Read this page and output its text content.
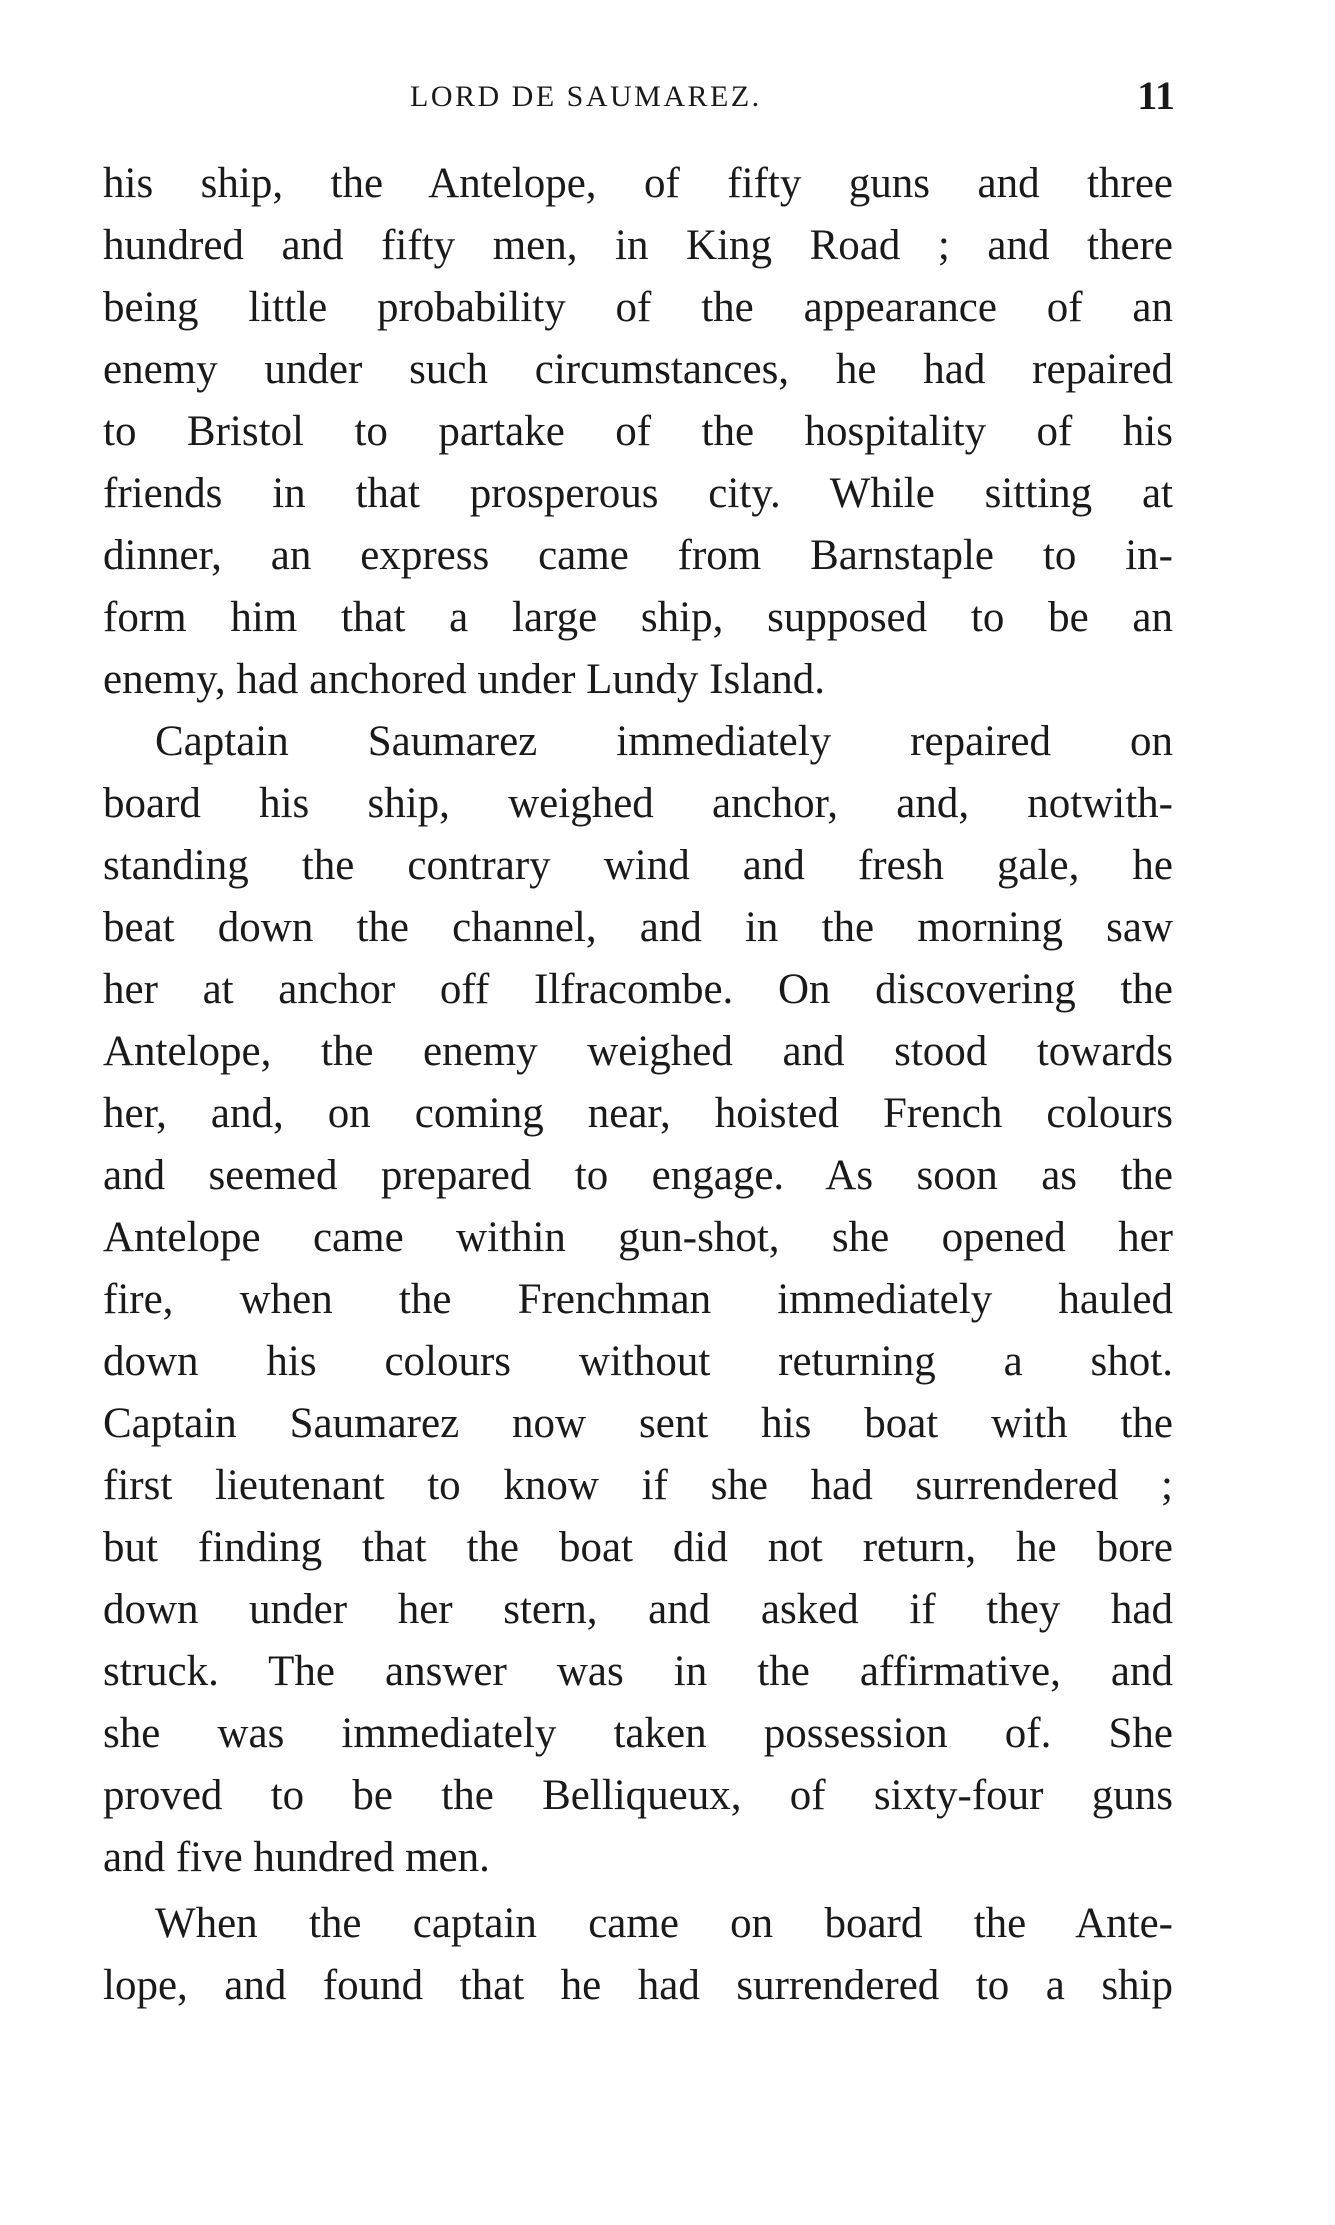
LORD DE SAUMAREZ.	11
his ship, the Antelope, of fifty guns and three
hundred and fifty men, in King Road ; and there
being little probability of the appearance of an
enemy under such circumstances, he had repaired
to Bristol to partake of the hospitality of his
friends in that prosperous city. While sitting at
dinner, an express came from Barnstaple to in-
form him that a large ship, supposed to be an
enemy, had anchored under Lundy Island.
Captain Saumarez immediately repaired on
board his ship, weighed anchor, and, notwith-
standing the contrary wind and fresh gale, he
beat down the channel, and in the morning saw
her at anchor off Ilfracombe. On discovering the
Antelope, the enemy weighed and stood towards
her, and, on coming near, hoisted French colours
and seemed prepared to engage. As soon as the
Antelope came within gun-shot, she opened her
fire, when the Frenchman immediately hauled
down his colours without returning a shot.
Captain Saumarez now sent his boat with the
first lieutenant to know if she had surrendered ;
but finding that the boat did not return, he bore
down under her stern, and asked if they had
struck. The answer was in the affirmative, and
she was immediately taken possession of. She
proved to be the Belliqueux, of sixty-four guns
and five hundred men.
When the captain came on board the Ante-
lope, and found that he had surrendered to a ship
